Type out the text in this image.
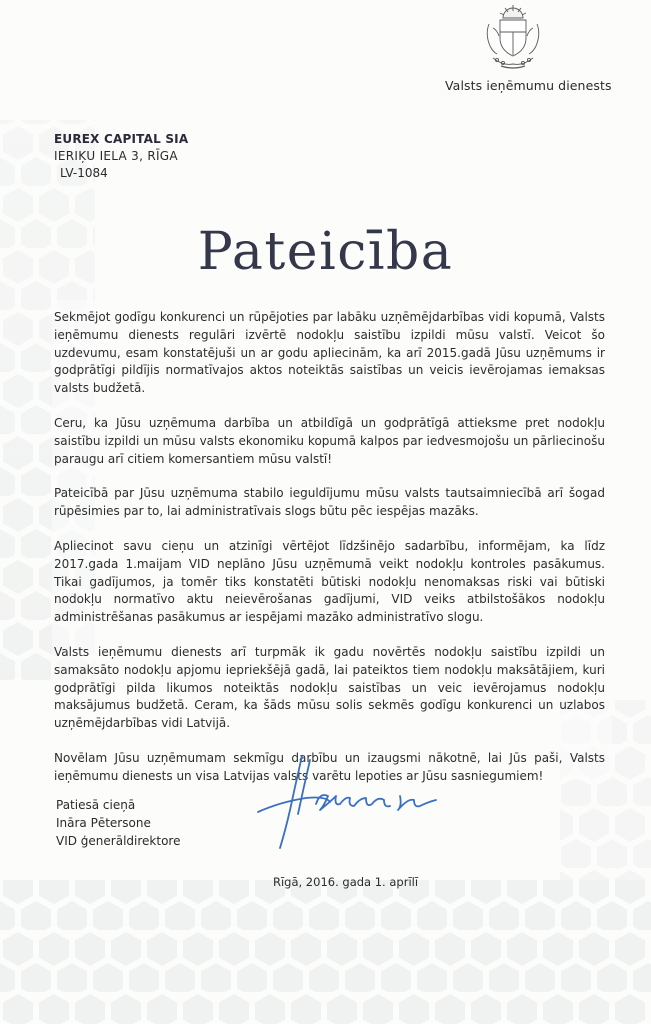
Valsts ieņēmumu dienests
EUREX CAPITAL SIA
IERIĶU IELA 3, RĪGA
LV-1084
Pateicība

Sekmējot godīgu konkurenci un rūpējoties par labāku uzņēmējdarbības vidi kopumā, Valsts ieņēmumu dienests regulāri izvērtē nodokļu saistību izpildi mūsu valstī. Veicot šo uzdevumu, esam konstatējuši un ar godu apliecinām, ka arī 2015.gadā Jūsu uzņēmums ir godprātīgi pildījis normatīvajos aktos noteiktās saistības un veicis ievērojamas iemaksas valsts budžetā.

Ceru, ka Jūsu uzņēmuma darbība un atbildīgā un godprātīgā attieksme pret nodokļu saistību izpildi un mūsu valsts ekonomiku kopumā kalpos par iedvesmojošu un pārliecinošu paraugu arī citiem komersantiem mūsu valstī!

Pateicībā par Jūsu uzņēmuma stabilo ieguldījumu mūsu valsts tautsaimniecībā arī šogad rūpēsimies par to, lai administratīvais slogs būtu pēc iespējas mazāks.

Apliecinot savu cieņu un atzinīgi vērtējot līdzšinējo sadarbību, informējam, ka līdz 2017.gada 1.maijam VID neplāno Jūsu uzņēmumā veikt nodokļu kontroles pasākumus. Tikai gadījumos, ja tomēr tiks konstatēti būtiski nodokļu nenomaksas riski vai būtiski nodokļu normatīvo aktu neievērošanas gadījumi, VID veiks atbilstošākos nodokļu administrēšanas pasākumus ar iespējami mazāko administratīvo slogu.

Valsts ieņēmumu dienests arī turpmāk ik gadu novērtēs nodokļu saistību izpildi un samaksāto nodokļu apjomu iepriekšējā gadā, lai pateiktos tiem nodokļu maksātājiem, kuri godprātīgi pilda likumos noteiktās nodokļu saistības un veic ievērojamus nodokļu maksājumus budžetā. Ceram, ka šāds mūsu solis sekmēs godīgu konkurenci un uzlabos uzņēmējdarbības vidi Latvijā.

Novēlam Jūsu uzņēmumam sekmīgu darbību un izaugsmi nākotnē, lai Jūs paši, Valsts ieņēmumu dienests un visa Latvijas valsts varētu lepoties ar Jūsu sasniegumiem!

Patiesā cieņā
Ināra Pētersone
VID ģenerāldirektore
Rīgā, 2016. gada 1. aprīlī
